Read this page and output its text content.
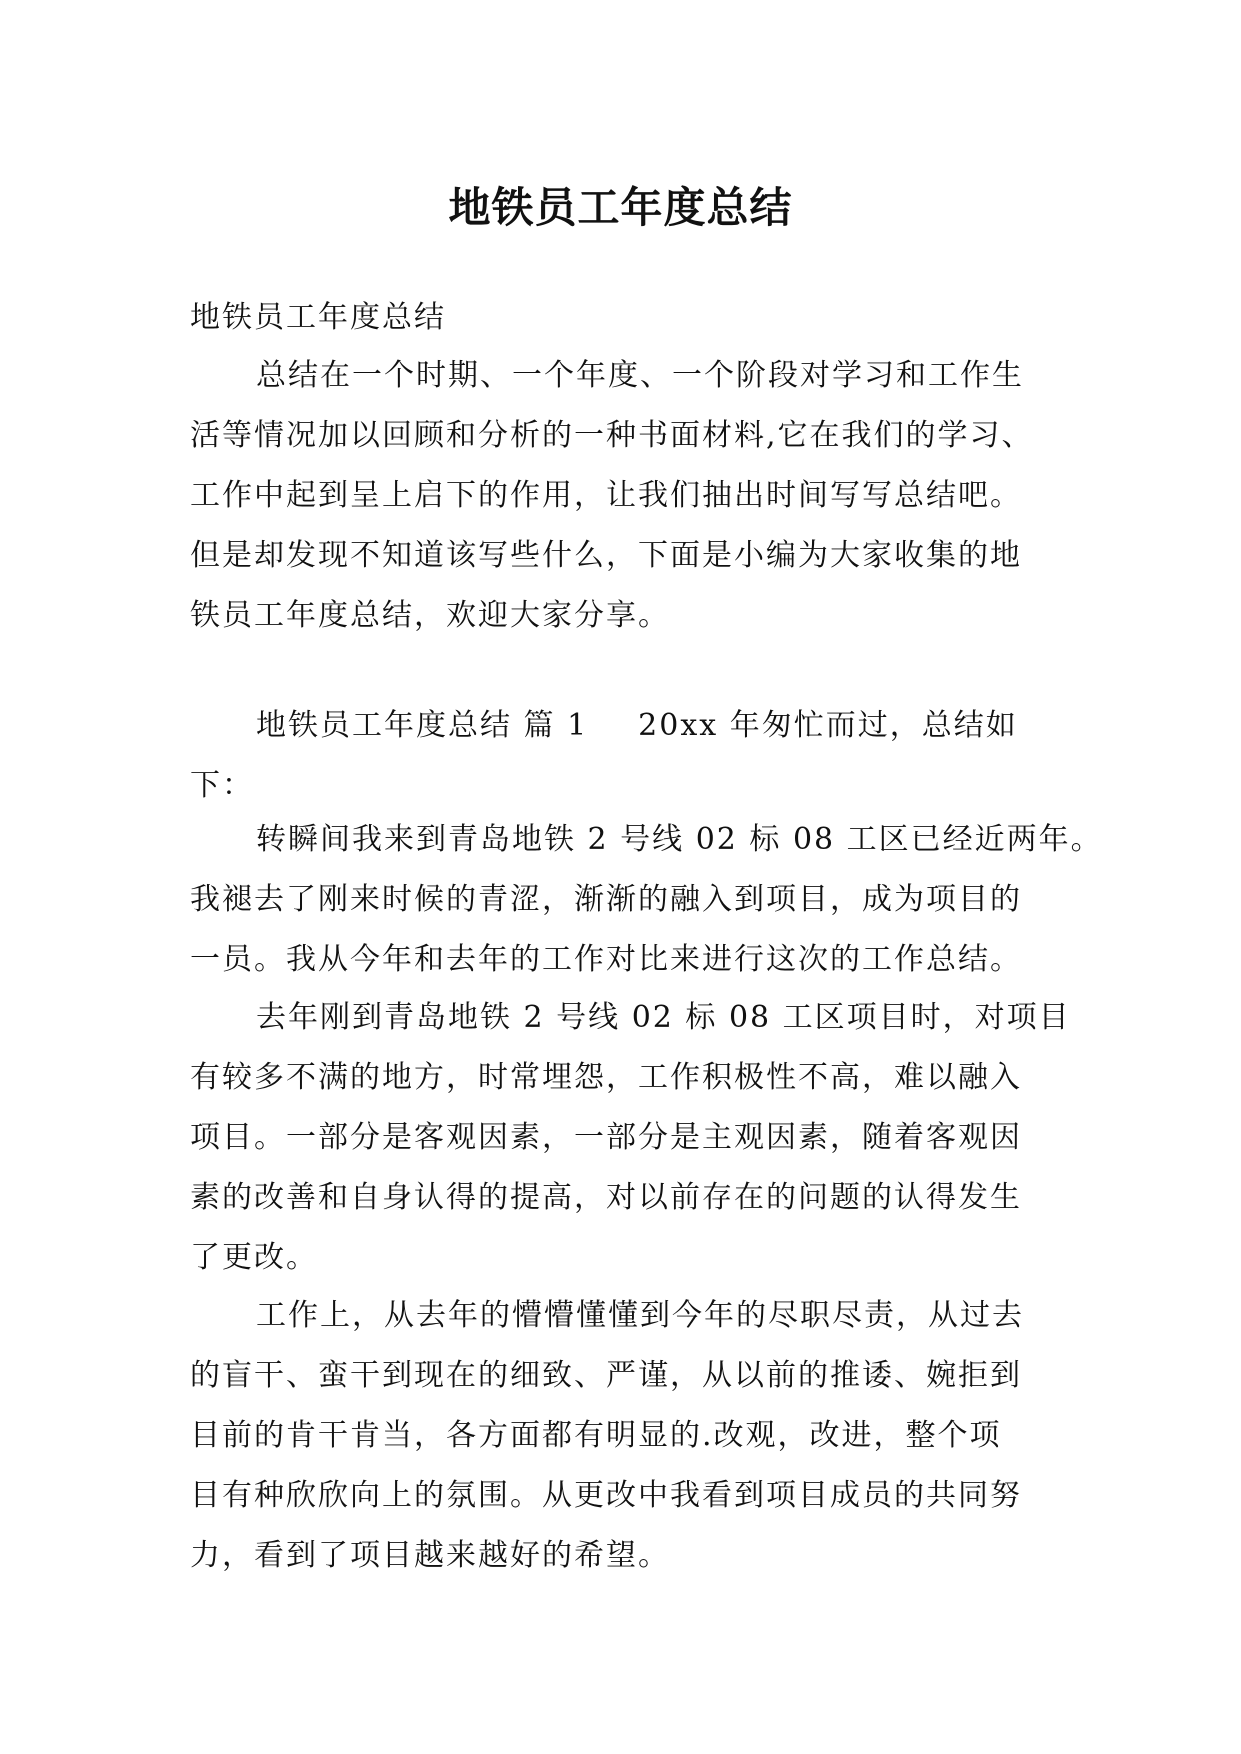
地铁员工年度总结
地铁员工年度总结
总结在一个时期、一个年度、一个阶段对学习和工作生
活等情况加以回顾和分析的一种书面材料,它在我们的学习、
工作中起到呈上启下的作用，让我们抽出时间写写总结吧。
但是却发现不知道该写些什么，下面是小编为大家收集的地
铁员工年度总结，欢迎大家分享。
地铁员工年度总结 篇 1 20xx 年匆忙而过，总结如
下：
转瞬间我来到青岛地铁 2 号线 02 标 08 工区已经近两年。
我褪去了刚来时候的青涩，渐渐的融入到项目，成为项目的
一员。我从今年和去年的工作对比来进行这次的工作总结。
去年刚到青岛地铁 2 号线 02 标 08 工区项目时，对项目
有较多不满的地方，时常埋怨，工作积极性不高，难以融入
项目。一部分是客观因素，一部分是主观因素，随着客观因
素的改善和自身认得的提高，对以前存在的问题的认得发生
了更改。
工作上，从去年的懵懵懂懂到今年的尽职尽责，从过去
的盲干、蛮干到现在的细致、严谨，从以前的推诿、婉拒到
目前的肯干肯当，各方面都有明显的.改观，改进，整个项
目有种欣欣向上的氛围。从更改中我看到项目成员的共同努
力，看到了项目越来越好的希望。
